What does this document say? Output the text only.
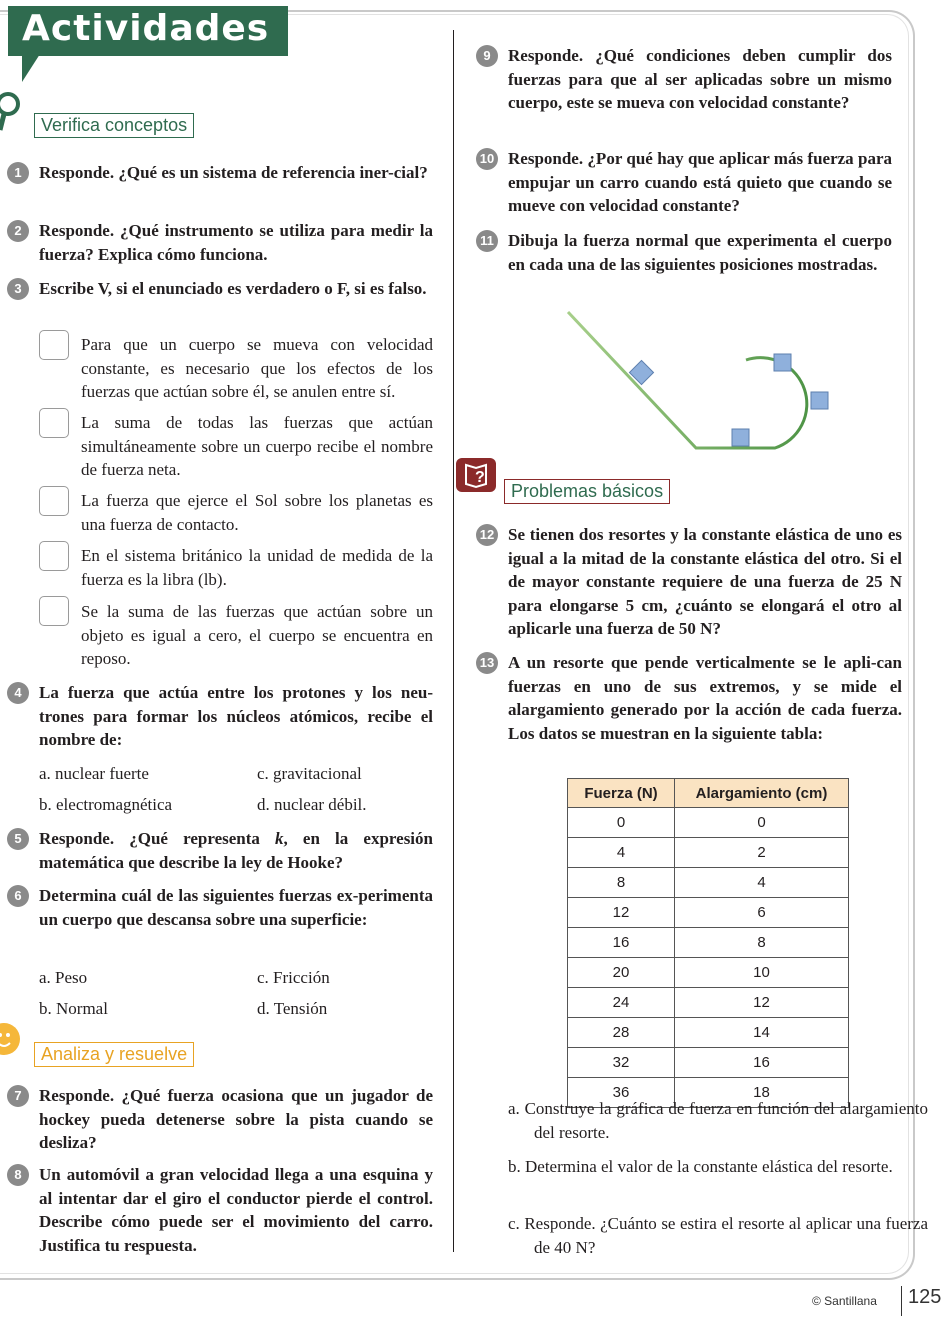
Actividades
Verifica conceptos
1	Responde. ¿Qué es un sistema de referencia iner-cial?
2	Responde. ¿Qué instrumento se utiliza para medir la fuerza? Explica cómo funciona.
3	Escribe V, si el enunciado es verdadero o F, si es falso.
Para que un cuerpo se mueva con velocidad constante, es necesario que los efectos de los fuerzas que actúan sobre él, se anulen entre sí.
La suma de todas las fuerzas que actúan simultáneamente sobre un cuerpo recibe el nombre de fuerza neta.
La fuerza que ejerce el Sol sobre los planetas es una fuerza de contacto.
En el sistema británico la unidad de medida de la fuerza es la libra (lb).
Se la suma de las fuerzas que actúan sobre un objeto es igual a cero, el cuerpo se encuentra en reposo.
4	La fuerza que actúa entre los protones y los neu-trones para formar los núcleos atómicos, recibe el nombre de:
a. nuclear fuerte	c. gravitacional
b. electromagnética	d. nuclear débil.
5	Responde. ¿Qué representa k, en la expresión matemática que describe la ley de Hooke?
6	Determina cuál de las siguientes fuerzas ex-perimenta un cuerpo que descansa sobre una superficie:
a. Peso	c. Fricción
b. Normal	d. Tensión
Analiza y resuelve
7	Responde. ¿Qué fuerza ocasiona que un jugador de hockey pueda detenerse sobre la pista cuando se desliza?
8	Un automóvil a gran velocidad llega a una esquina y al intentar dar el giro el conductor pierde el control. Describe cómo puede ser el movimiento del carro. Justifica tu respuesta.
9	Responde. ¿Qué condiciones deben cumplir dos fuerzas para que al ser aplicadas sobre un mismo cuerpo, este se mueva con velocidad constante?
10 Responde. ¿Por qué hay que aplicar más fuerza para empujar un carro cuando está quieto que cuando se mueve con velocidad constante?
11 Dibuja la fuerza normal que experimenta el cuerpo en cada una de las siguientes posiciones mostradas.
?
Problemas básicos
12 Se tienen dos resortes y la constante elástica de uno es igual a la mitad de la constante elástica del otro. Si el de mayor constante requiere de una fuerza de 25 N para elongarse 5 cm, ¿cuánto se elongará el otro al aplicarle una fuerza de 50 N?
13 A un resorte que pende verticalmente se le apli-can fuerzas en uno de sus extremos, y se mide el alargamiento generado por la acción de cada fuerza. Los datos se muestran en la siguiente tabla:
Fuerza (N)	Alargamiento (cm)
0	0
4	2
8	4
12	6
16	8
20	10
24	12
28	14
32	16
36	18
a. Construye la gráfica de fuerza en función del alargamiento del resorte.
b. Determina el valor de la constante elástica del resorte.
c. Responde. ¿Cuánto se estira el resorte al aplicar una fuerza de 40 N?
© Santillana 125
